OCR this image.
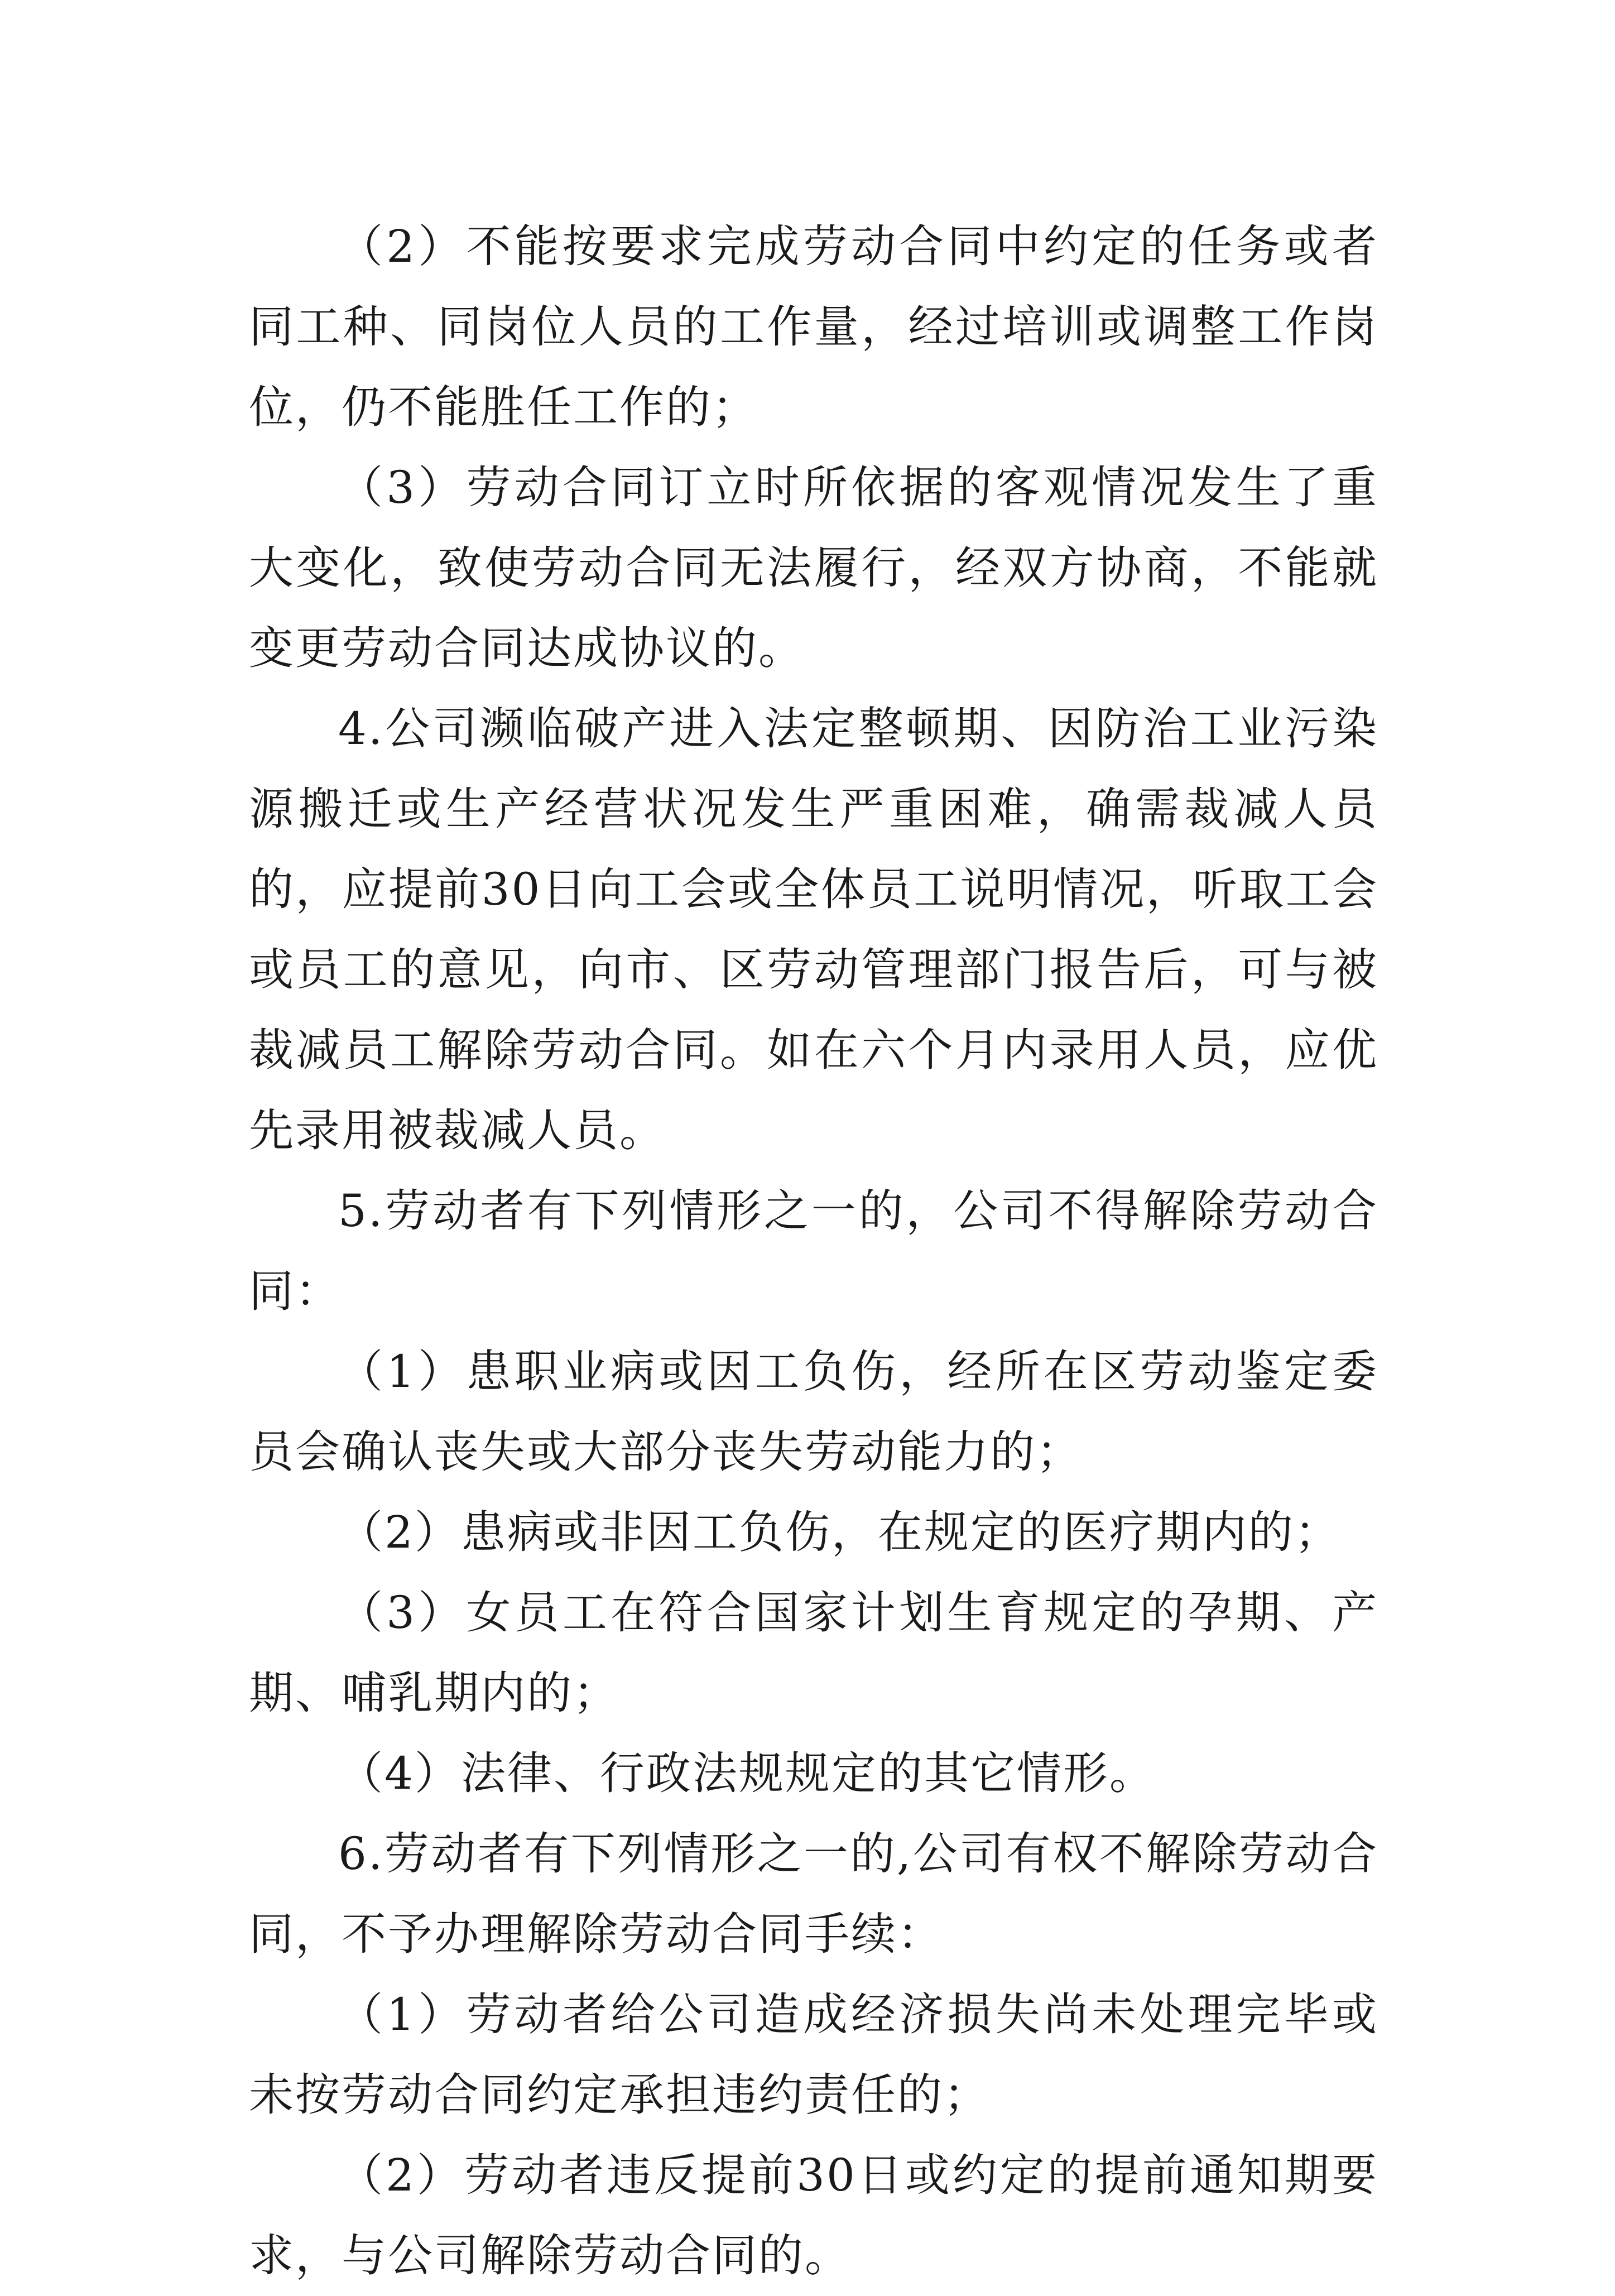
（2）不能按要求完成劳动合同中约定的任务或者同工种、同岗位人员的工作量，经过培训或调整工作岗位，仍不能胜任工作的；

（3）劳动合同订立时所依据的客观情况发生了重大变化，致使劳动合同无法履行，经双方协商，不能就变更劳动合同达成协议的。

4.公司濒临破产进入法定整顿期、因防治工业污染源搬迁或生产经营状况发生严重困难，确需裁减人员的，应提前30日向工会或全体员工说明情况，听取工会或员工的意见，向市、区劳动管理部门报告后，可与被裁减员工解除劳动合同。如在六个月内录用人员，应优先录用被裁减人员。

5.劳动者有下列情形之一的，公司不得解除劳动合同：

（1）患职业病或因工负伤，经所在区劳动鉴定委员会确认丧失或大部分丧失劳动能力的；

（2）患病或非因工负伤，在规定的医疗期内的；

（3）女员工在符合国家计划生育规定的孕期、产期、哺乳期内的；

（4）法律、行政法规规定的其它情形。

6.劳动者有下列情形之一的,公司有权不解除劳动合同，不予办理解除劳动合同手续：

（1）劳动者给公司造成经济损失尚未处理完毕或未按劳动合同约定承担违约责任的；

（2）劳动者违反提前30日或约定的提前通知期要求，与公司解除劳动合同的。
